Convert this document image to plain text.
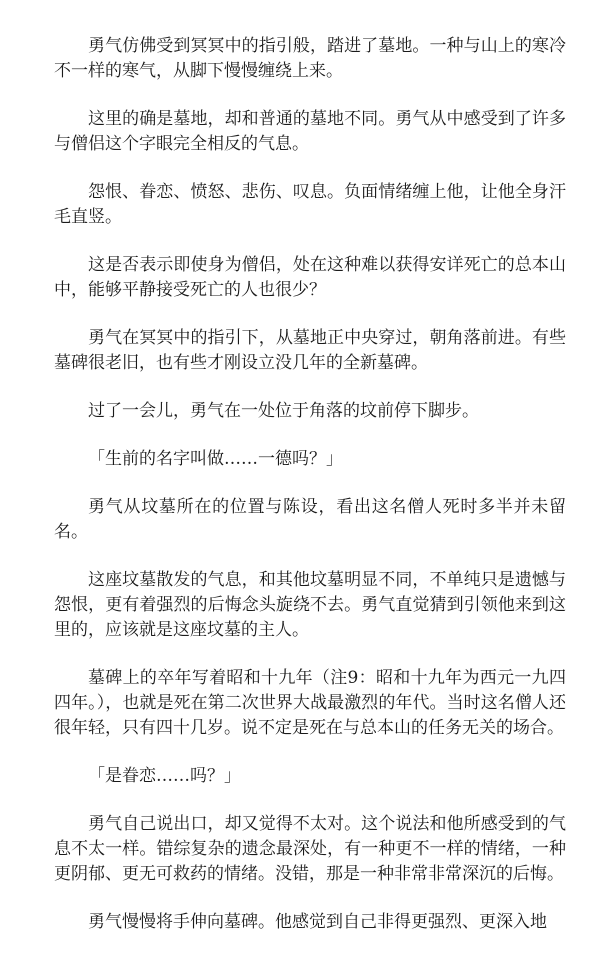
勇气仿佛受到冥冥中的指引般，踏进了墓地。一种与山上的寒冷不一样的寒气，从脚下慢慢缠绕上来。

这里的确是墓地，却和普通的墓地不同。勇气从中感受到了许多与僧侣这个字眼完全相反的气息。

怨恨、眷恋、愤怒、悲伤、叹息。负面情绪缠上他，让他全身汗毛直竖。

这是否表示即使身为僧侣，处在这种难以获得安详死亡的总本山中，能够平静接受死亡的人也很少？

勇气在冥冥中的指引下，从墓地正中央穿过，朝角落前进。有些墓碑很老旧，也有些才刚设立没几年的全新墓碑。

过了一会儿，勇气在一处位于角落的坟前停下脚步。

「生前的名字叫做……一德吗？」

勇气从坟墓所在的位置与陈设，看出这名僧人死时多半并未留名。

这座坟墓散发的气息，和其他坟墓明显不同，不单纯只是遗憾与怨恨，更有着强烈的后悔念头旋绕不去。勇气直觉猜到引领他来到这里的，应该就是这座坟墓的主人。

墓碑上的卒年写着昭和十九年（注9：昭和十九年为西元一九四四年。），也就是死在第二次世界大战最激烈的年代。当时这名僧人还很年轻，只有四十几岁。说不定是死在与总本山的任务无关的场合。

「是眷恋……吗？」

勇气自己说出口，却又觉得不太对。这个说法和他所感受到的气息不太一样。错综复杂的遗念最深处，有一种更不一样的情绪，一种更阴郁、更无可救药的情绪。没错，那是一种非常非常深沉的后悔。

勇气慢慢将手伸向墓碑。他感觉到自己非得更强烈、更深入地
